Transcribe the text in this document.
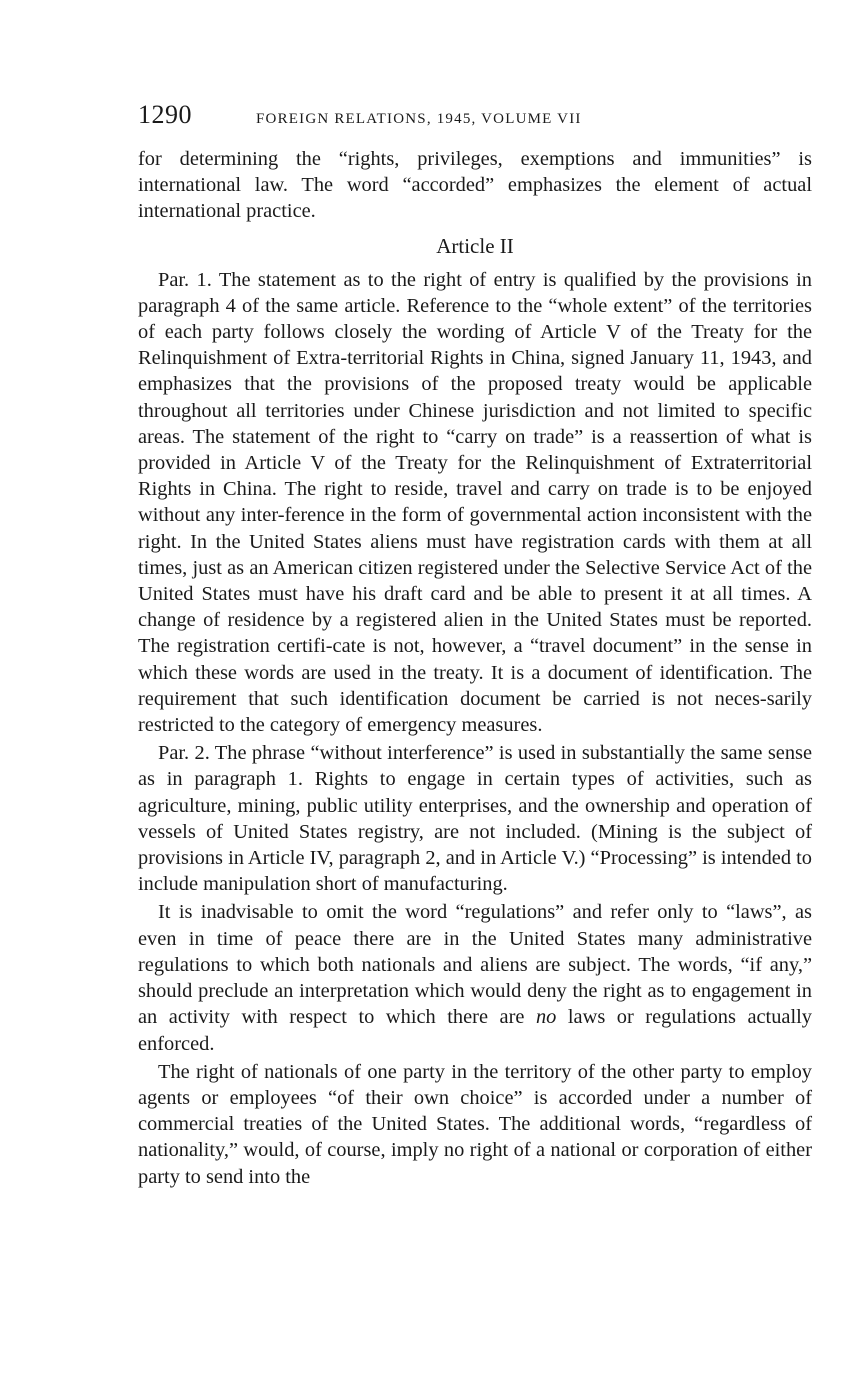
1290	FOREIGN RELATIONS, 1945, VOLUME VII

for determining the “rights, privileges, exemptions and immunities” is international law. The word “accorded” emphasizes the element of actual international practice.

Article II

Par. 1. The statement as to the right of entry is qualified by the provisions in paragraph 4 of the same article. Reference to the “whole extent” of the territories of each party follows closely the wording of Article V of the Treaty for the Relinquishment of Extra-territorial Rights in China, signed January 11, 1943, and emphasizes that the provisions of the proposed treaty would be applicable throughout all territories under Chinese jurisdiction and not limited to specific areas. The statement of the right to “carry on trade” is a reassertion of what is provided in Article V of the Treaty for the Relinquishment of Extraterritorial Rights in China. The right to reside, travel and carry on trade is to be enjoyed without any inter-ference in the form of governmental action inconsistent with the right. In the United States aliens must have registration cards with them at all times, just as an American citizen registered under the Selective Service Act of the United States must have his draft card and be able to present it at all times. A change of residence by a registered alien in the United States must be reported. The registration certifi-cate is not, however, a “travel document” in the sense in which these words are used in the treaty. It is a document of identification. The requirement that such identification document be carried is not neces-sarily restricted to the category of emergency measures.

Par. 2. The phrase “without interference” is used in substantially the same sense as in paragraph 1. Rights to engage in certain types of activities, such as agriculture, mining, public utility enterprises, and the ownership and operation of vessels of United States registry, are not included. (Mining is the subject of provisions in Article IV, paragraph 2, and in Article V.) “Processing” is intended to include manipulation short of manufacturing.

It is inadvisable to omit the word “regulations” and refer only to “laws”, as even in time of peace there are in the United States many administrative regulations to which both nationals and aliens are subject. The words, “if any,” should preclude an interpretation which would deny the right as to engagement in an activity with respect to which there are no laws or regulations actually enforced.

The right of nationals of one party in the territory of the other party to employ agents or employees “of their own choice” is accorded under a number of commercial treaties of the United States. The additional words, “regardless of nationality,” would, of course, imply no right of a national or corporation of either party to send into the
